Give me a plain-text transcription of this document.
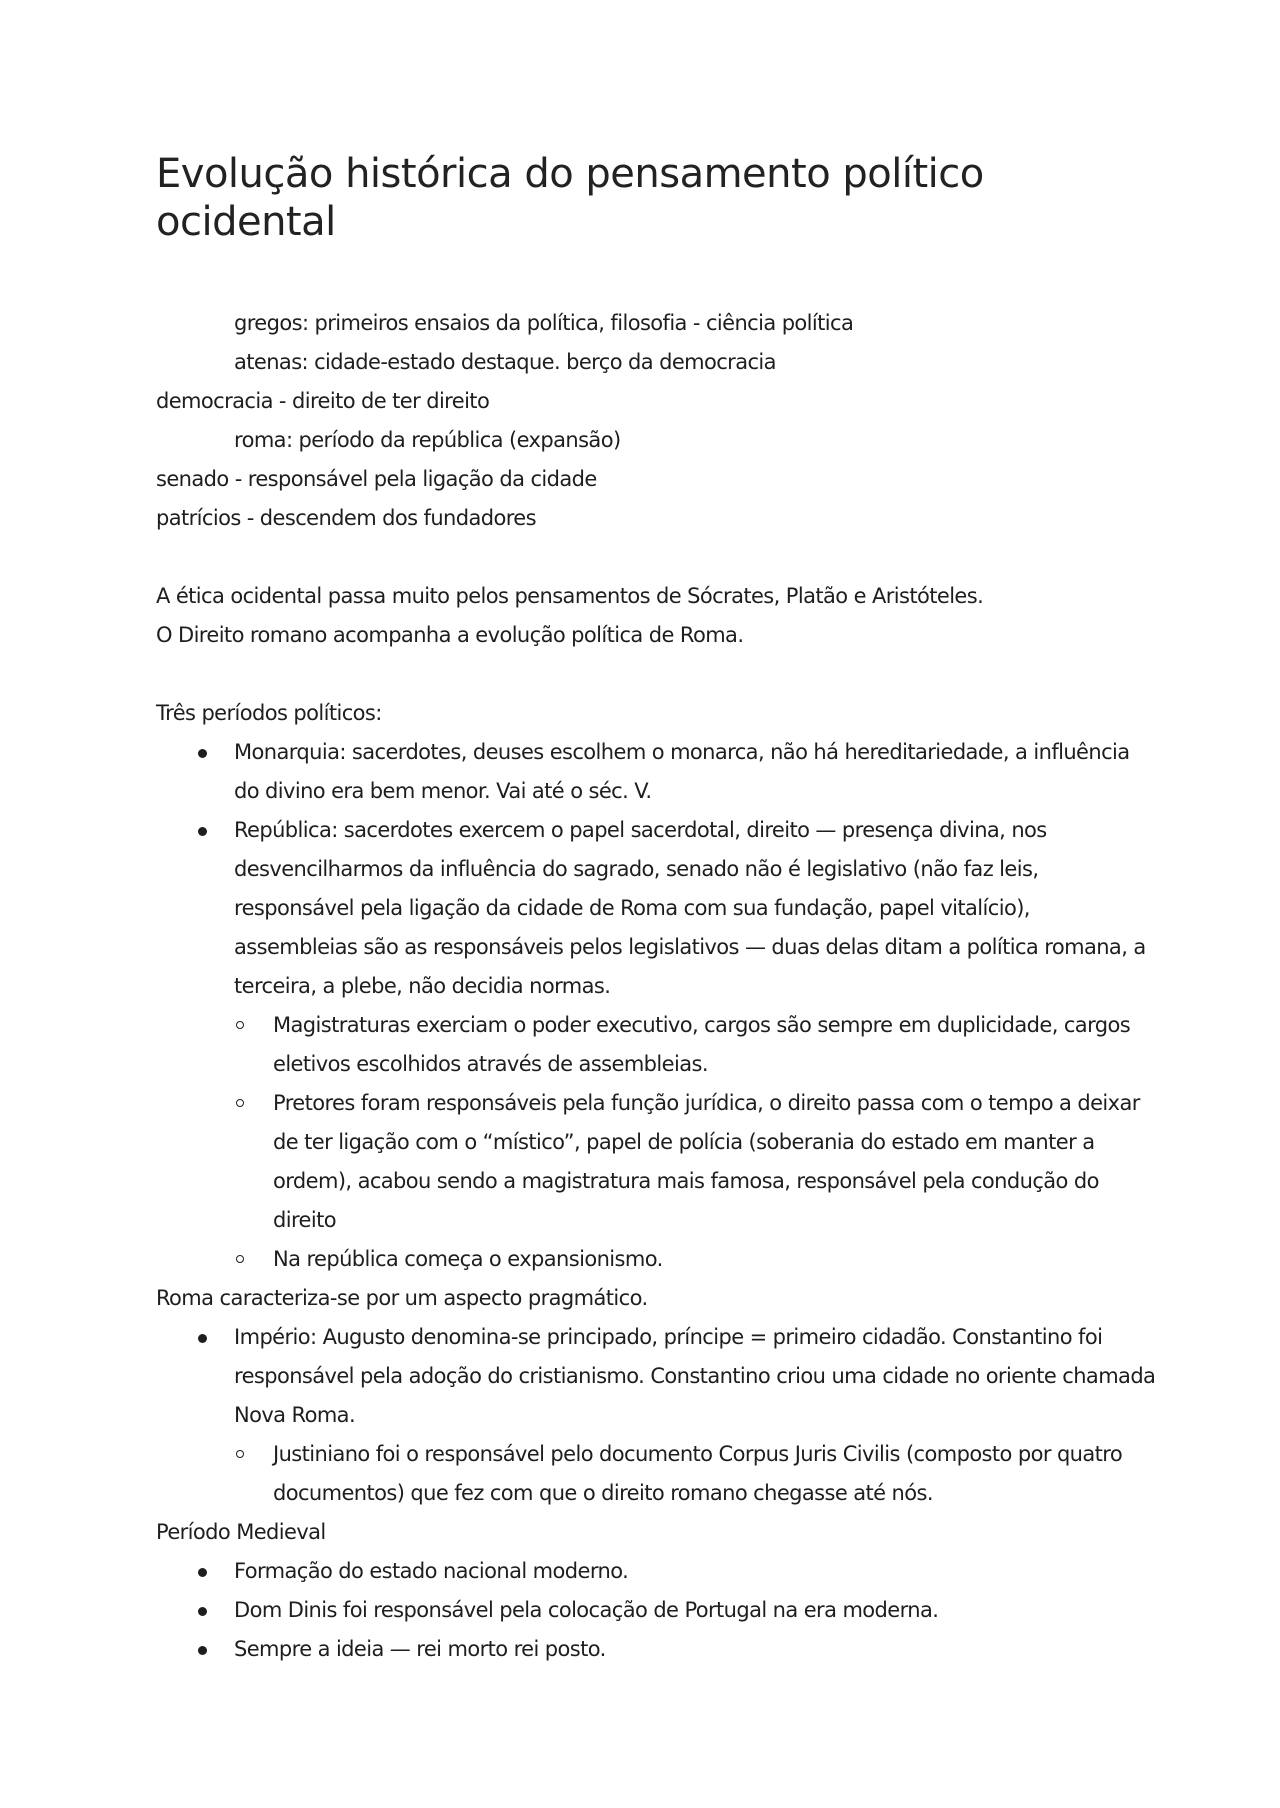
Evolução histórica do pensamento político ocidental
gregos: primeiros ensaios da política, filosofia - ciência política
atenas: cidade-estado destaque. berço da democracia
democracia - direito de ter direito
roma: período da república (expansão)
senado - responsável pela ligação da cidade
patrícios - descendem dos fundadores
A ética ocidental passa muito pelos pensamentos de Sócrates, Platão e Aristóteles.
O Direito romano acompanha a evolução política de Roma.
Três períodos políticos:
Monarquia: sacerdotes, deuses escolhem o monarca, não há hereditariedade, a influência do divino era bem menor. Vai até o séc. V.
República: sacerdotes exercem o papel sacerdotal, direito — presença divina, nos desvencilharmos da influência do sagrado, senado não é legislativo (não faz leis, responsável pela ligação da cidade de Roma com sua fundação, papel vitalício), assembleias são as responsáveis pelos legislativos — duas delas ditam a política romana, a terceira, a plebe, não decidia normas.
Magistraturas exerciam o poder executivo, cargos são sempre em duplicidade, cargos eletivos escolhidos através de assembleias.
Pretores foram responsáveis pela função jurídica, o direito passa com o tempo a deixar de ter ligação com o “místico”, papel de polícia (soberania do estado em manter a ordem), acabou sendo a magistratura mais famosa, responsável pela condução do direito
Na república começa o expansionismo.
Roma caracteriza-se por um aspecto pragmático.
Império: Augusto denomina-se principado, príncipe = primeiro cidadão. Constantino foi responsável pela adoção do cristianismo. Constantino criou uma cidade no oriente chamada Nova Roma.
Justiniano foi o responsável pelo documento Corpus Juris Civilis (composto por quatro documentos) que fez com que o direito romano chegasse até nós.
Período Medieval
Formação do estado nacional moderno.
Dom Dinis foi responsável pela colocação de Portugal na era moderna.
Sempre a ideia — rei morto rei posto.
